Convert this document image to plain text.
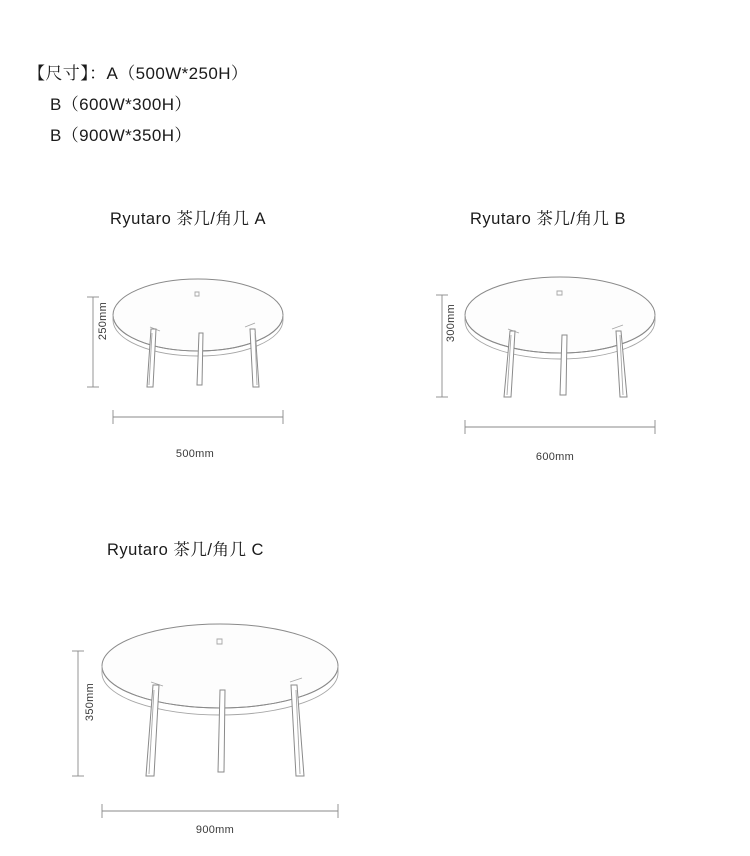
【尺寸】：A（500W*250H）
B（600W*300H）
B（900W*350H）
Ryutaro 茶几/角几 A
250mm
500mm
Ryutaro 茶几/角几 B
300mm
600mm
Ryutaro 茶几/角几 C
350mm
900mm
